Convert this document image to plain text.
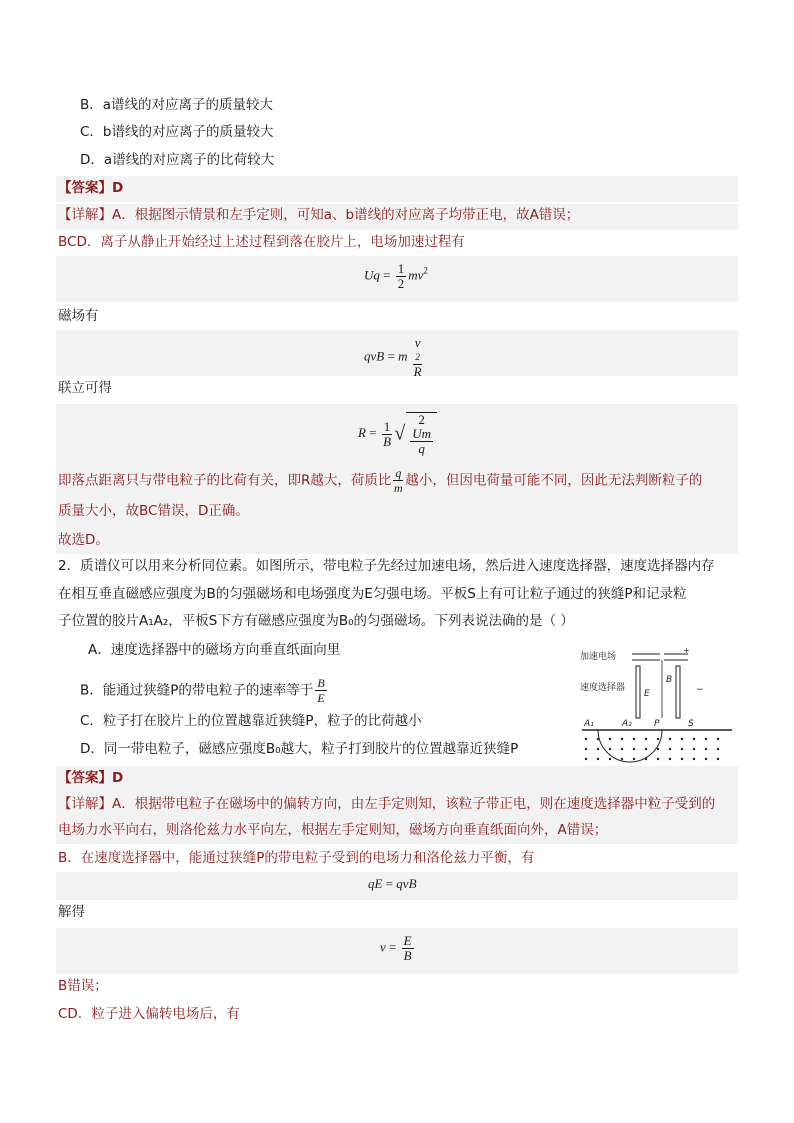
B．a谱线的对应离子的质量较大
C．b谱线的对应离子的质量较大
D．a谱线的对应离子的比荷较大
【答案】D
【详解】A．根据图示情景和左手定则，可知a、b谱线的对应离子均带正电，故A错误；
BCD．离子从静止开始经过上述过程到落在胶片上，电场加速过程有
$Uq = \frac{1}{2} mv^2$
磁场有
qvB = m v
2
R
联立可得
$R = \frac{1}{B}$ √ 2
Um
q
即落点距离只与带电粒子的比荷有关，即R越大，荷质比 $\frac{q}{m}$ 越小，但因电荷量可能不同，因此无法判断粒子的
质量大小，故BC错误，D正确。
故选D。
2．质谱仪可以用来分析同位素。如图所示，带电粒子先经过加速电场，然后进入速度选择器，速度选择器内存
在相互垂直磁感应强度为B的匀强磁场和电场强度为E匀强电场。平板S上有可让粒子通过的狭缝P和记录粒
子位置的胶片A₁A₂，平板S下方有磁感应强度为B₀的匀强磁场。下列表说法确的是（ ）
A．速度选择器中的磁场方向垂直纸面向里
B．能通过狭缝P的带电粒子的速率等于 $\frac{B}{E}$
C．粒子打在胶片上的位置越靠近狭缝P，粒子的比荷越小
D．同一带电粒子，磁感应强度B₀越大，粒子打到胶片的位置越靠近狭缝P
加速电场
+
速度选择器
E
B
−
A₁	A₂ P	S
【答案】D
【详解】A．根据带电粒子在磁场中的偏转方向，由左手定则知，该粒子带正电，则在速度选择器中粒子受到的
电场力水平向右，则洛伦兹力水平向左，根据左手定则知，磁场方向垂直纸面向外，A错误；
B．在速度选择器中，能通过狭缝P的带电粒子受到的电场力和洛伦兹力平衡，有
qE = qvB
解得
$v = \frac{E}{B}$
B错误；
CD．粒子进入偏转电场后，有
